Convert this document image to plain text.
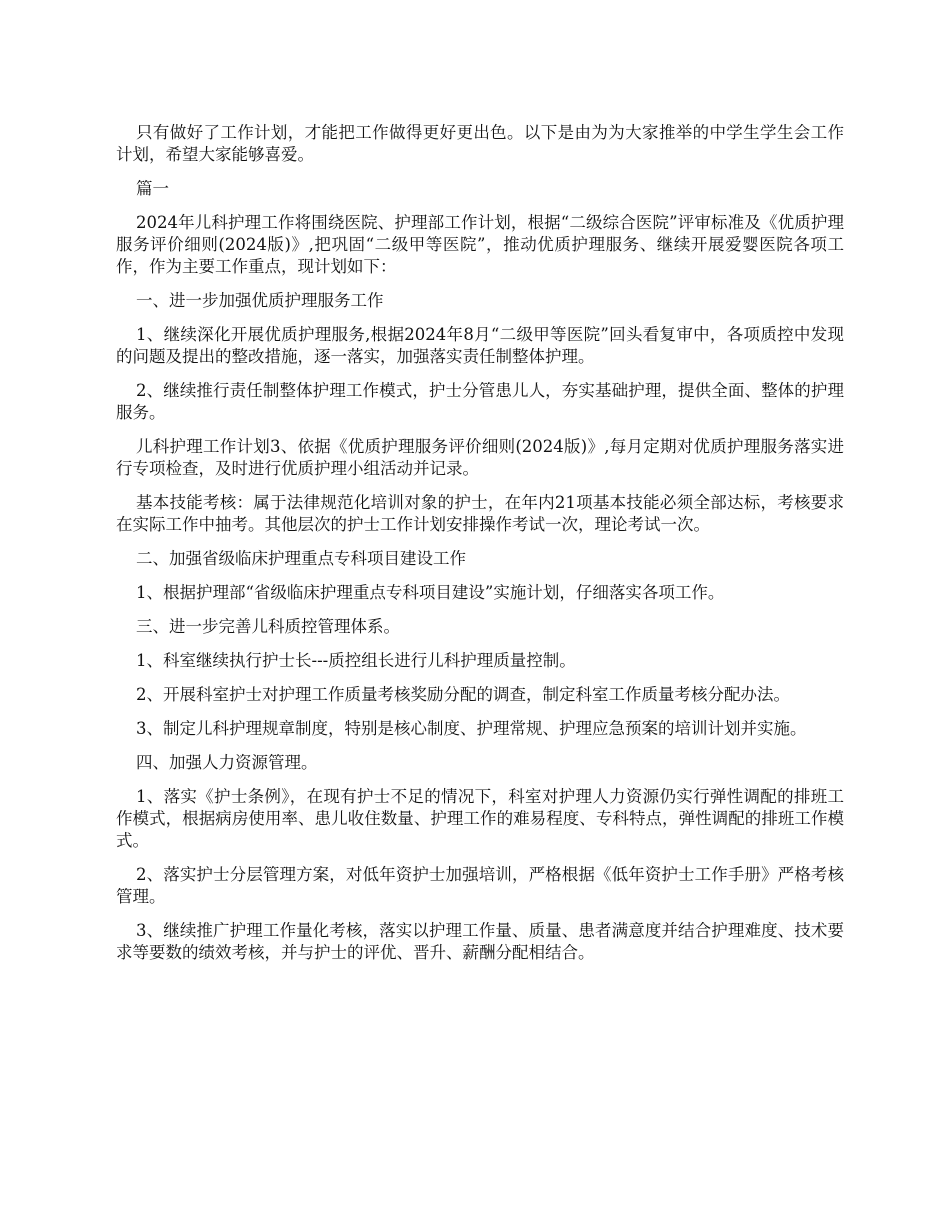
只有做好了工作计划，才能把工作做得更好更出色。以下是由为为大家推举的中学生学生会工作计划，希望大家能够喜爱。

篇一

2024年儿科护理工作将围绕医院、护理部工作计划，根据“二级综合医院”评审标准及《优质护理服务评价细则(2024版)》,把巩固“二级甲等医院”，推动优质护理服务、继续开展爱婴医院各项工作，作为主要工作重点，现计划如下：

一、进一步加强优质护理服务工作

1、继续深化开展优质护理服务,根据2024年8月“二级甲等医院”回头看复审中，各项质控中发现的问题及提出的整改措施，逐一落实，加强落实责任制整体护理。

2、继续推行责任制整体护理工作模式，护士分管患儿人，夯实基础护理，提供全面、整体的护理服务。

儿科护理工作计划3、依据《优质护理服务评价细则(2024版)》,每月定期对优质护理服务落实进行专项检查，及时进行优质护理小组活动并记录。

基本技能考核：属于法律规范化培训对象的护士，在年内21项基本技能必须全部达标，考核要求在实际工作中抽考。其他层次的护士工作计划安排操作考试一次，理论考试一次。

二、加强省级临床护理重点专科项目建设工作

1、根据护理部“省级临床护理重点专科项目建设”实施计划，仔细落实各项工作。

三、进一步完善儿科质控管理体系。

1、科室继续执行护士长---质控组长进行儿科护理质量控制。

2、开展科室护士对护理工作质量考核奖励分配的调查，制定科室工作质量考核分配办法。

3、制定儿科护理规章制度，特别是核心制度、护理常规、护理应急预案的培训计划并实施。

四、加强人力资源管理。

1、落实《护士条例》，在现有护士不足的情况下，科室对护理人力资源仍实行弹性调配的排班工作模式，根据病房使用率、患儿收住数量、护理工作的难易程度、专科特点，弹性调配的排班工作模式。

2、落实护士分层管理方案，对低年资护士加强培训，严格根据《低年资护士工作手册》严格考核管理。

3、继续推广护理工作量化考核，落实以护理工作量、质量、患者满意度并结合护理难度、技术要求等要数的绩效考核，并与护士的评优、晋升、薪酬分配相结合。
